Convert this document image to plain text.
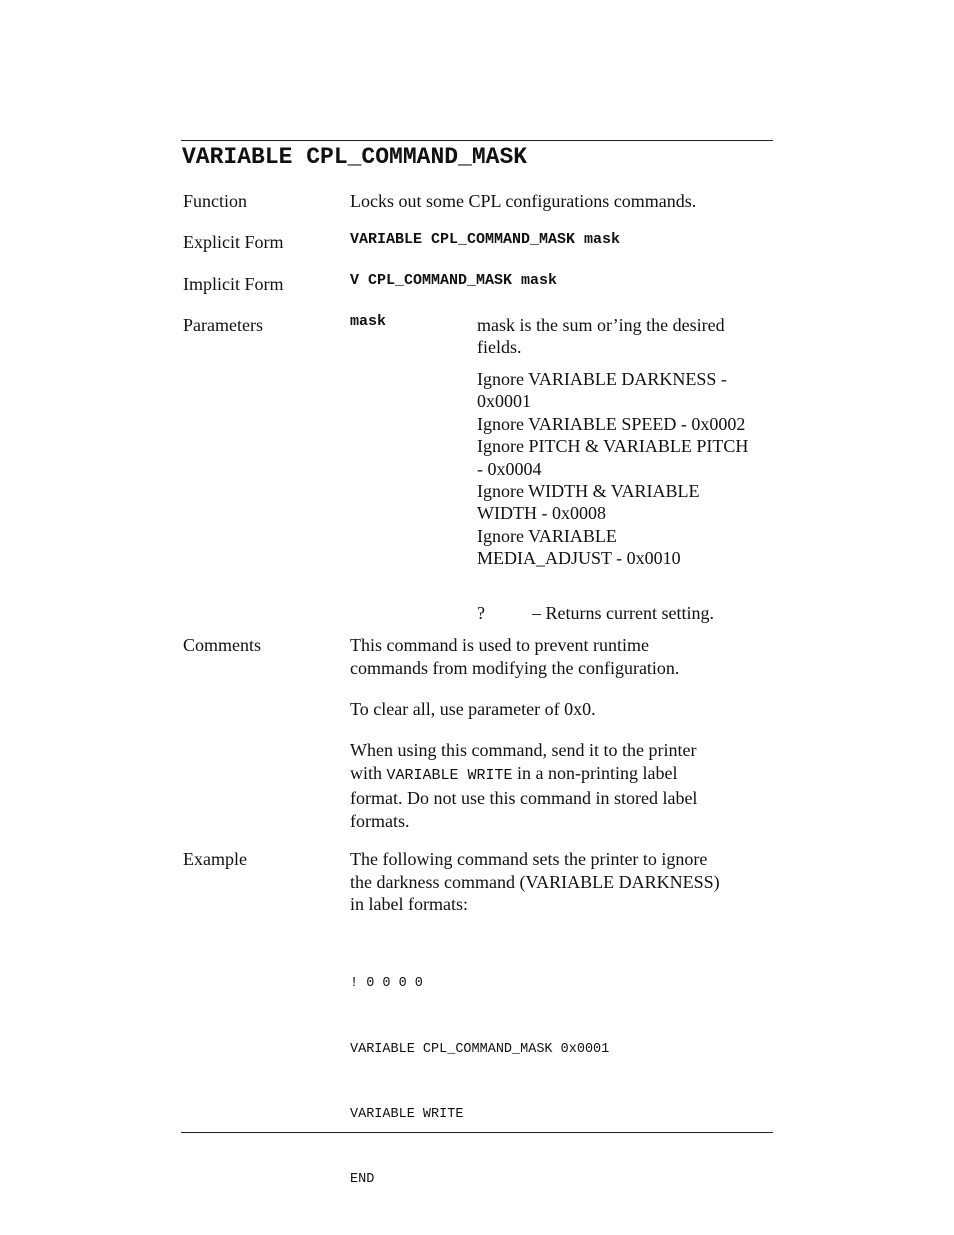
VARIABLE CPL_COMMAND_MASK
Function	Locks out some CPL configurations commands.
Explicit Form	VARIABLE CPL_COMMAND_MASK mask
Implicit Form	V CPL_COMMAND_MASK mask
Parameters	mask	mask is the sum or’ing the desired
fields.
Ignore VARIABLE DARKNESS -
0x0001
Ignore VARIABLE SPEED - 0x0002
Ignore PITCH & VARIABLE PITCH
- 0x0004
Ignore WIDTH & VARIABLE
WIDTH - 0x0008
Ignore VARIABLE
MEDIA_ADJUST - 0x0010
?	– Returns current setting.
Comments	This command is used to prevent runtime
commands from modifying the configuration.
To clear all, use parameter of 0x0.
When using this command, send it to the printer
with VARIABLE WRITE in a non-printing label
format. Do not use this command in stored label
formats.
Example	The following command sets the printer to ignore
the darkness command (VARIABLE DARKNESS)
in label formats:

! 0 0 0 0

VARIABLE CPL_COMMAND_MASK 0x0001

VARIABLE WRITE

END
